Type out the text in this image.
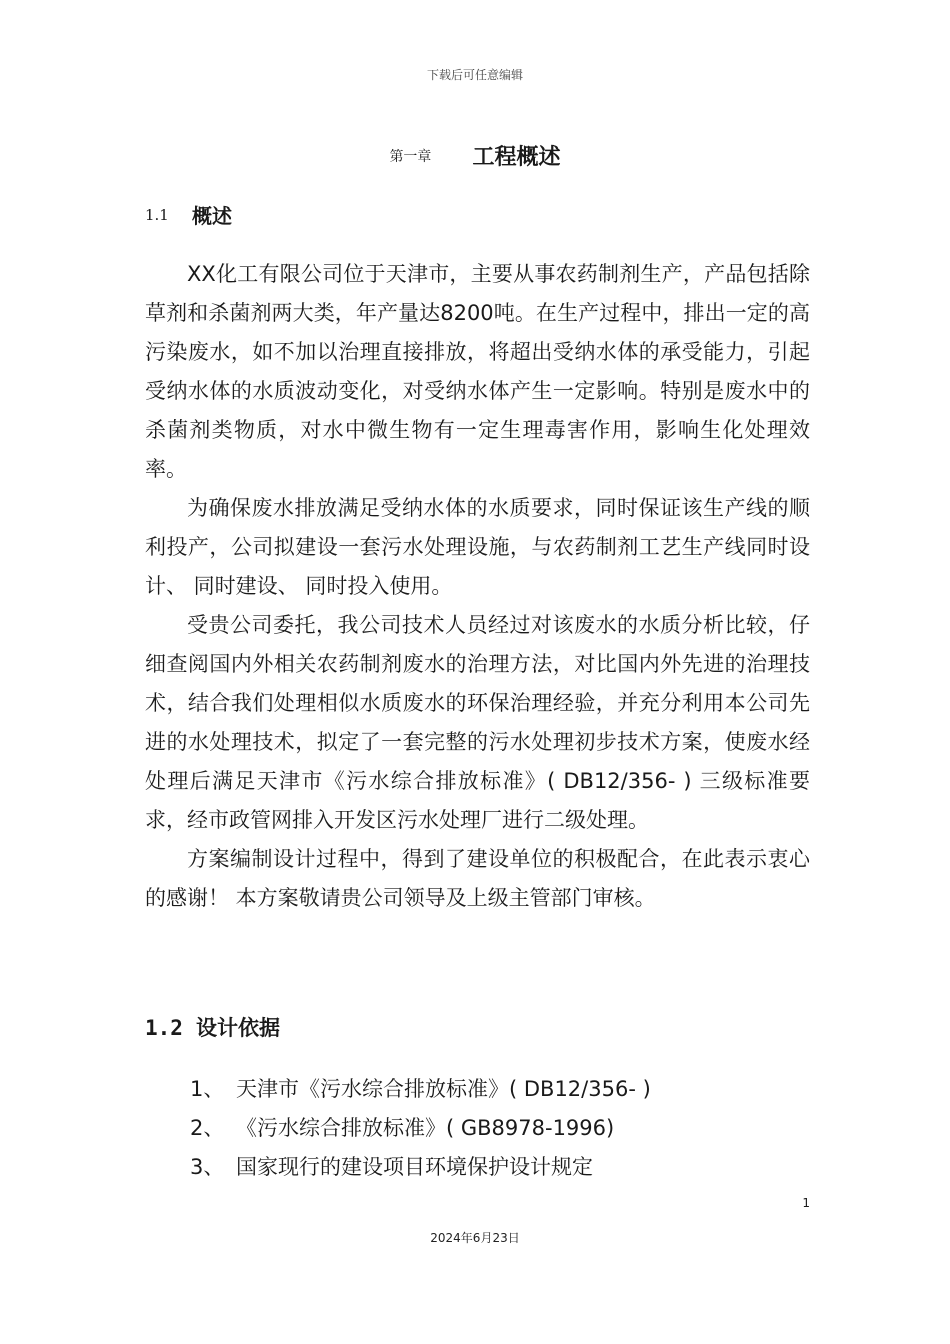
下载后可任意编辑
第一章 工程概述
1.1 概述

XX化工有限公司位于天津市，主要从事农药制剂生产，产品包括除草剂和杀菌剂两大类，年产量达8200吨。在生产过程中，排出一定的高污染废水，如不加以治理直接排放，将超出受纳水体的承受能力，引起受纳水体的水质波动变化，对受纳水体产生一定影响。特别是废水中的杀菌剂类物质，对水中微生物有一定生理毒害作用，影响生化处理效率。

为确保废水排放满足受纳水体的水质要求，同时保证该生产线的顺利投产，公司拟建设一套污水处理设施，与农药制剂工艺生产线同时设计、 同时建设、 同时投入使用。

受贵公司委托，我公司技术人员经过对该废水的水质分析比较，仔细查阅国内外相关农药制剂废水的治理方法，对比国内外先进的治理技术，结合我们处理相似水质废水的环保治理经验，并充分利用本公司先进的水处理技术，拟定了一套完整的污水处理初步技术方案，使废水经处理后满足天津市《污水综合排放标准》( DB12/356- ) 三级标准要求，经市政管网排入开发区污水处理厂进行二级处理。

方案编制设计过程中，得到了建设单位的积极配合，在此表示衷心的感谢！ 本方案敬请贵公司领导及上级主管部门审核。

1.2 设计依据
1、 天津市《污水综合排放标准》( DB12/356- )
2、 《污水综合排放标准》( GB8978-1996)
3、 国家现行的建设项目环境保护设计规定
1
2024年6月23日
